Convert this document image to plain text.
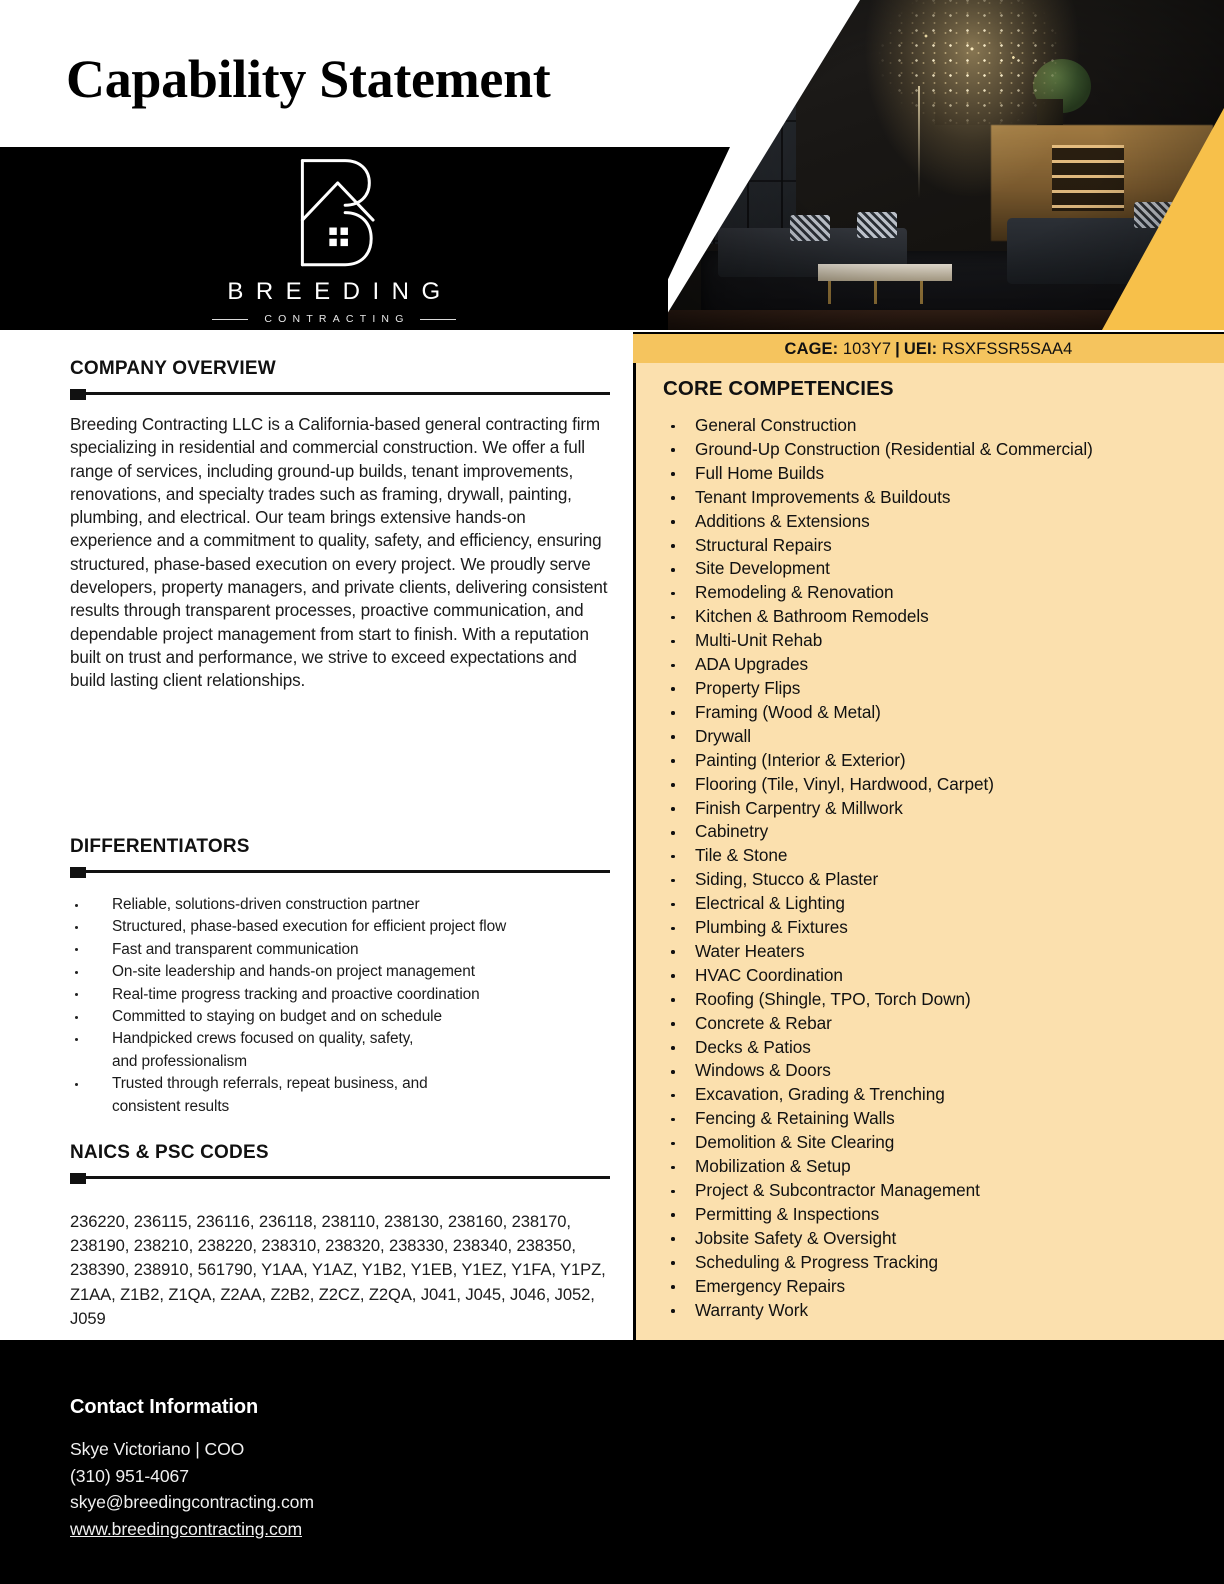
Capability Statement
BREEDING
CONTRACTING
CAGE:
103Y7 | UEI:
RSXFSSR5SAA4
CORE COMPETENCIES
General Construction
Ground-Up Construction (Residential & Commercial)
Full Home Builds
Tenant Improvements & Buildouts
Additions & Extensions
Structural Repairs
Site Development
Remodeling & Renovation
Kitchen & Bathroom Remodels
Multi-Unit Rehab
ADA Upgrades
Property Flips
Framing (Wood & Metal)
Drywall
Painting (Interior & Exterior)
Flooring (Tile, Vinyl, Hardwood, Carpet)
Finish Carpentry & Millwork
Cabinetry
Tile & Stone
Siding, Stucco & Plaster
Electrical & Lighting
Plumbing & Fixtures
Water Heaters
HVAC Coordination
Roofing (Shingle, TPO, Torch Down)
Concrete & Rebar
Decks & Patios
Windows & Doors
Excavation, Grading & Trenching
Fencing & Retaining Walls
Demolition & Site Clearing
Mobilization & Setup
Project & Subcontractor Management
Permitting & Inspections
Jobsite Safety & Oversight
Scheduling & Progress Tracking
Emergency Repairs
Warranty Work
COMPANY OVERVIEW
Breeding Contracting LLC is a California-based general contracting firm specializing in residential and commercial construction. We offer a full range of services, including ground-up builds, tenant improvements, renovations, and specialty trades such as framing, drywall, painting, plumbing, and electrical. Our team brings extensive hands-on experience and a commitment to quality, safety, and efficiency, ensuring structured, phase-based execution on every project. We proudly serve developers, property managers, and private clients, delivering consistent results through transparent processes, proactive communication, and dependable project management from start to finish. With a reputation built on trust and performance, we strive to exceed expectations and build lasting client relationships.
DIFFERENTIATORS
Reliable, solutions-driven construction partner
Structured, phase-based execution for efficient project flow
Fast and transparent communication
On-site leadership and hands-on project management
Real-time progress tracking and proactive coordination
Committed to staying on budget and on schedule
Handpicked crews focused on quality, safety,
and professionalism
Trusted through referrals, repeat business, and
consistent results
NAICS & PSC CODES
236220, 236115, 236116, 236118, 238110, 238130, 238160, 238170, 238190, 238210, 238220, 238310, 238320, 238330, 238340, 238350, 238390, 238910, 561790, Y1AA, Y1AZ, Y1B2, Y1EB, Y1EZ, Y1FA, Y1PZ, Z1AA, Z1B2, Z1QA, Z2AA, Z2B2, Z2CZ, Z2QA, J041, J045, J046, J052, J059
Contact Information
Skye Victoriano | COO
(310) 951-4067
skye@breedingcontracting.com
www.breedingcontracting.com
